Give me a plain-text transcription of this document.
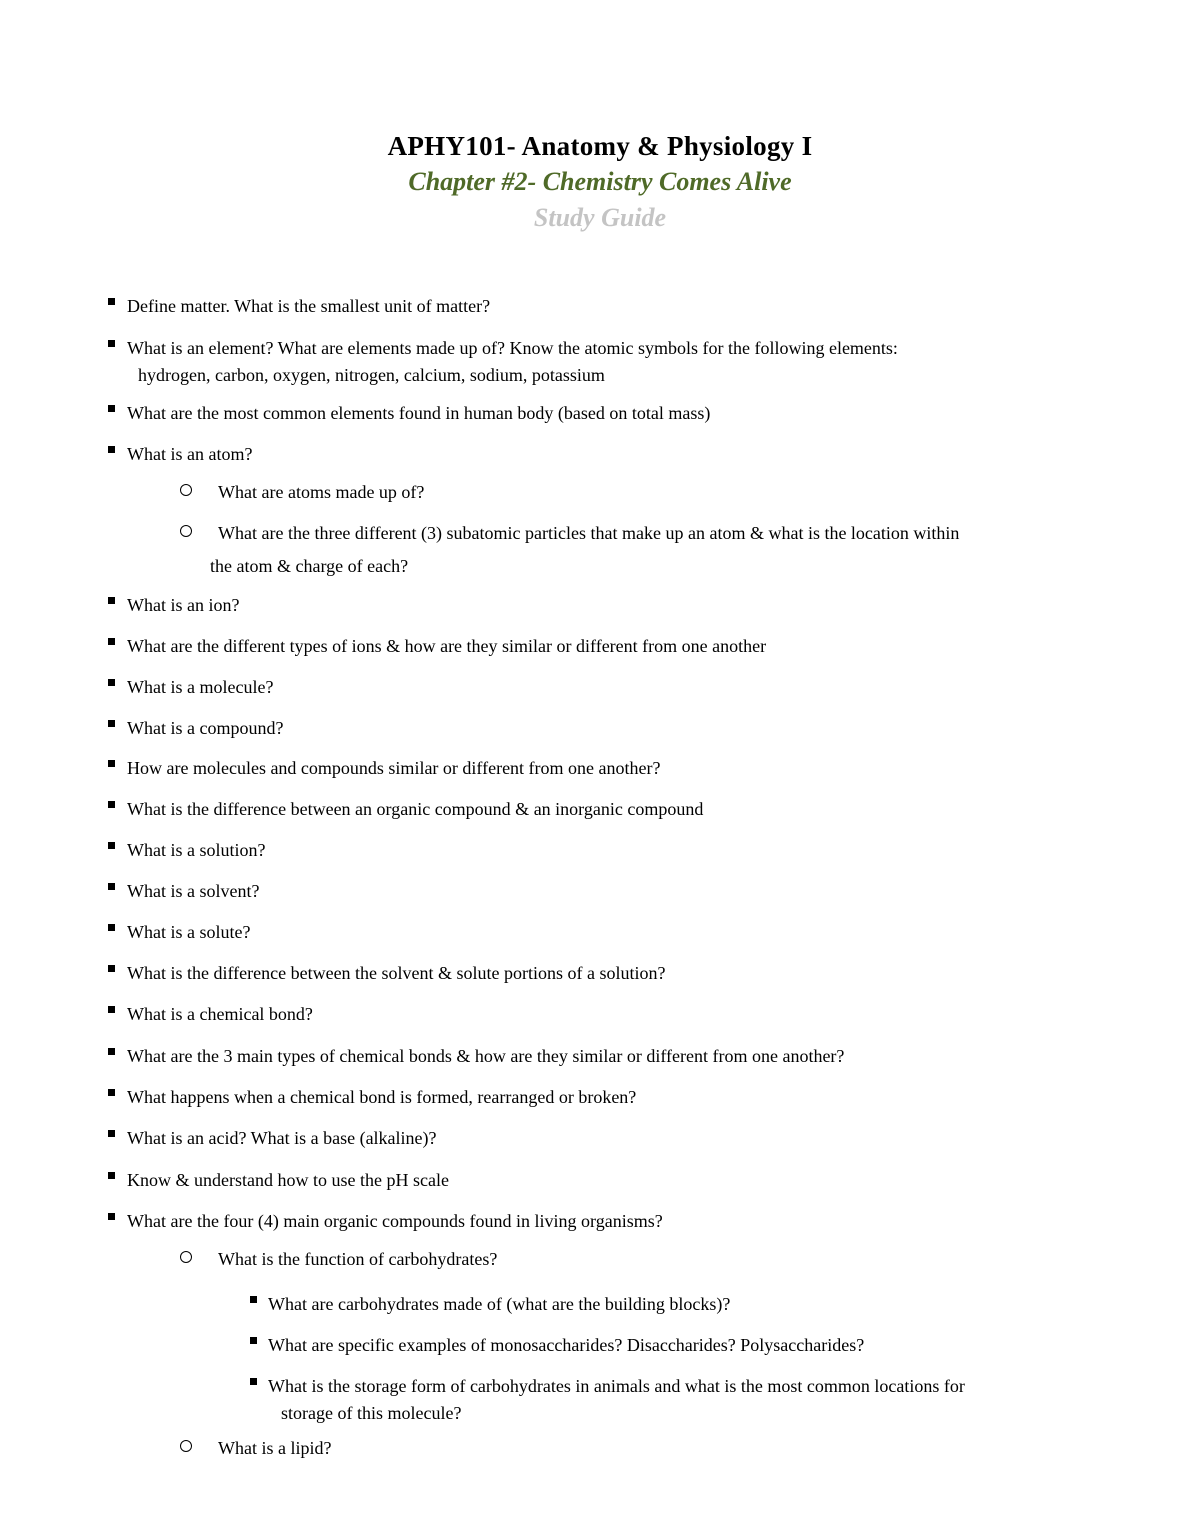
APHY101- Anatomy & Physiology I
Chapter #2- Chemistry Comes Alive
Study Guide
Define matter. What is the smallest unit of matter?
What is an element? What are elements made up of? Know the atomic symbols for the following elements:
hydrogen, carbon, oxygen, nitrogen, calcium, sodium, potassium
What are the most common elements found in human body (based on total mass)
What is an atom?
What are atoms made up of?
What are the three different (3) subatomic particles that make up an atom & what is the location within
the atom & charge of each?
What is an ion?
What are the different types of ions & how are they similar or different from one another
What is a molecule?
What is a compound?
How are molecules and compounds similar or different from one another?
What is the difference between an organic compound & an inorganic compound
What is a solution?
What is a solvent?
What is a solute?
What is the difference between the solvent & solute portions of a solution?
What is a chemical bond?
What are the 3 main types of chemical bonds & how are they similar or different from one another?
What happens when a chemical bond is formed, rearranged or broken?
What is an acid? What is a base (alkaline)?
Know & understand how to use the pH scale
What are the four (4) main organic compounds found in living organisms?
What is the function of carbohydrates?
What are carbohydrates made of (what are the building blocks)?
What are specific examples of monosaccharides? Disaccharides? Polysaccharides?
What is the storage form of carbohydrates in animals and what is the most common locations for
storage of this molecule?
What is a lipid?
